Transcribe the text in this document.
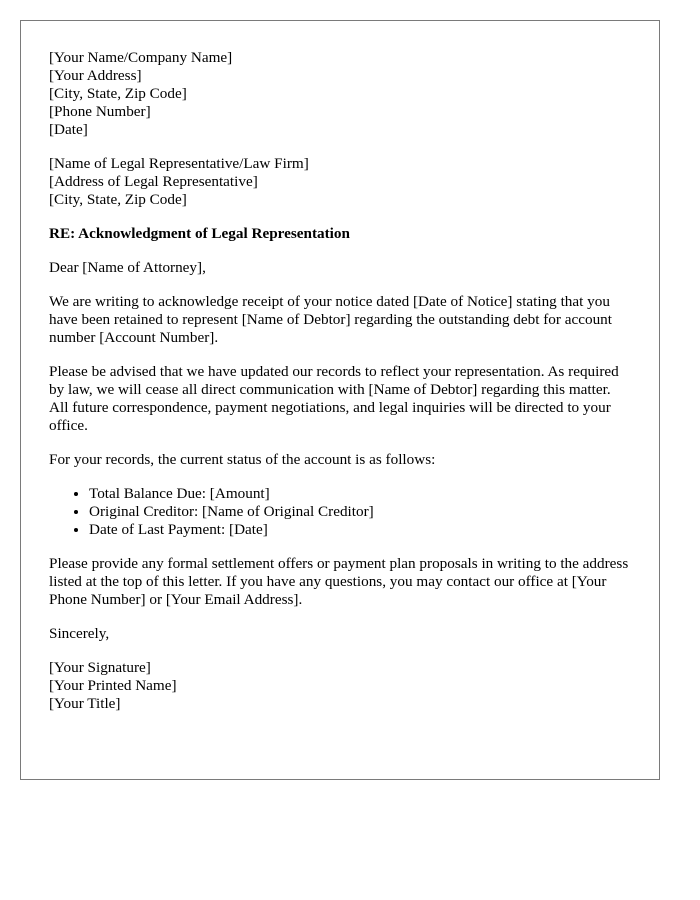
[Your Name/Company Name]
[Your Address]
[City, State, Zip Code]
[Phone Number]
[Date]
[Name of Legal Representative/Law Firm]
[Address of Legal Representative]
[City, State, Zip Code]
RE: Acknowledgment of Legal Representation

Dear [Name of Attorney],

We are writing to acknowledge receipt of your notice dated [Date of Notice] stating that you have been retained to represent [Name of Debtor] regarding the outstanding debt for account number [Account Number].

Please be advised that we have updated our records to reflect your representation. As required by law, we will cease all direct communication with [Name of Debtor] regarding this matter. All future correspondence, payment negotiations, and legal inquiries will be directed to your office.

For your records, the current status of the account is as follows:

• Total Balance Due: [Amount]
• Original Creditor: [Name of Original Creditor]
• Date of Last Payment: [Date]

Please provide any formal settlement offers or payment plan proposals in writing to the address listed at the top of this letter. If you have any questions, you may contact our office at [Your Phone Number] or [Your Email Address].

Sincerely,

[Your Signature]
[Your Printed Name]
[Your Title]
